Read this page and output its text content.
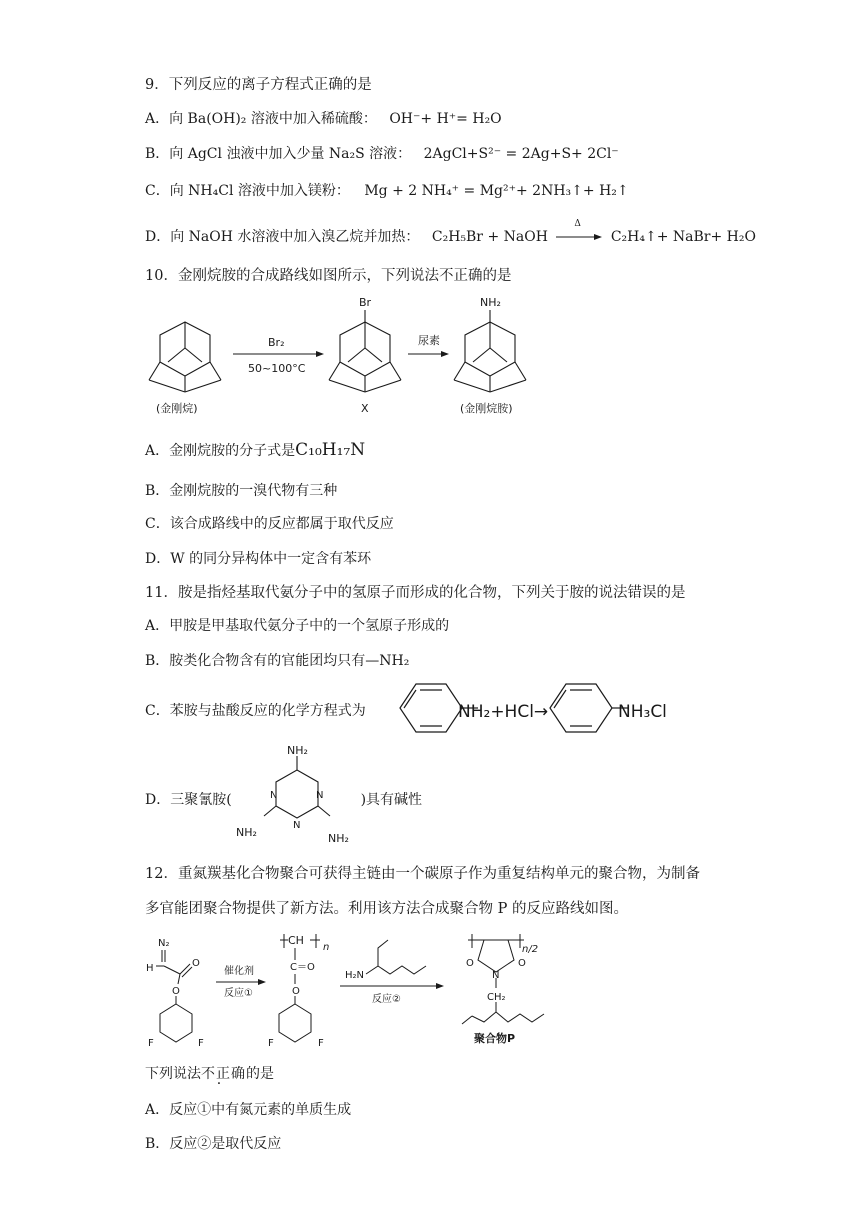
9．下列反应的离子方程式正确的是
A．向 Ba(OH)₂ 溶液中加入稀硫酸： OH⁻+ H⁺= H₂O
B．向 AgCl 浊液中加入少量 Na₂S 溶液： 2AgCl+S²⁻ = 2Ag+S+ 2Cl⁻
C．向 NH₄Cl 溶液中加入镁粉： Mg + 2 NH₄⁺ = Mg²⁺+ 2NH₃↑+ H₂↑
D．向 NaOH 水溶液中加入溴乙烷并加热： C₂H₅Br + NaOH
Δ
C₂H₄↑+ NaBr+ H₂O
10．金刚烷胺的合成路线如图所示，下列说法不正确的是
(金刚烷)
Br₂
50~100°C
Br
X
尿素
NH₂
(金刚烷胺)
A．金刚烷胺的分子式是C₁₀H₁₇N
B．金刚烷胺的一溴代物有三种
C．该合成路线中的反应都属于取代反应
D．W 的同分异构体中一定含有苯环
11．胺是指烃基取代氨分子中的氢原子而形成的化合物，下列关于胺的说法错误的是
A．甲胺是甲基取代氨分子中的一个氢原子形成的
B．胺类化合物含有的官能团均只有—NH₂
C．苯胺与盐酸反应的化学方程式为	NH₂+HCl→	NH₃Cl
D．三聚氰胺(	)具有碱性
NH₂
NH₂	NH₂
N	N
N
12．重氮羰基化合物聚合可获得主链由一个碳原子作为重复结构单元的聚合物，为制备
多官能团聚合物提供了新方法。利用该方法合成聚合物 P 的反应路线如图。
N₂
H	O
O
F	F
催化剂
反应①
CH
n
C＝O
O
F	F
H₂N
反应②
n/2
O	O
N
CH₂
聚合物P
下列说法不正确的是
A．反应①中有氮元素的单质生成
B．反应②是取代反应
